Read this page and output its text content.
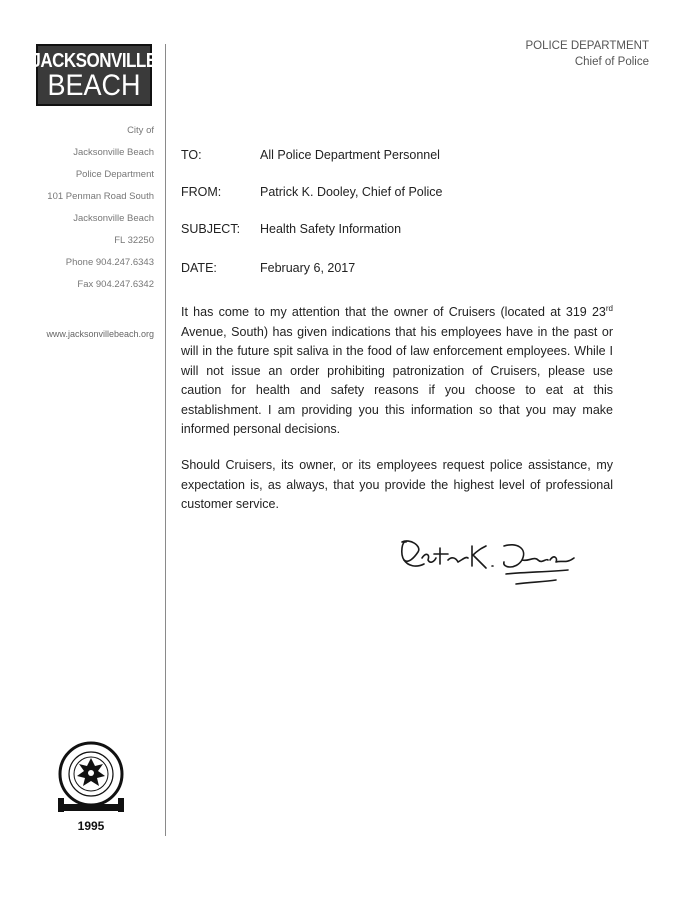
JACKSONVILLE
BEACH
POLICE DEPARTMENT
Chief of Police
City of
Jacksonville Beach
Police Department
101 Penman Road South
Jacksonville Beach
FL 32250
Phone 904.247.6343
Fax 904.247.6342
www.jacksonvillebeach.org
TO:	All Police Department Personnel
FROM:	Patrick K. Dooley, Chief of Police
SUBJECT:	Health Safety Information
DATE:	February 6, 2017
It has come to my attention that the owner of Cruisers (located at 319 23rd Avenue, South) has given indications that his employees have in the past or will in the future spit saliva in the food of law enforcement employees. While I will not issue an order prohibiting patronization of Cruisers, please use caution for health and safety reasons if you choose to eat at this establishment. I am providing you this information so that you may make informed personal decisions.
Should Cruisers, its owner, or its employees request police assistance, my expectation is, as always, that you provide the highest level of professional customer service.
1995
